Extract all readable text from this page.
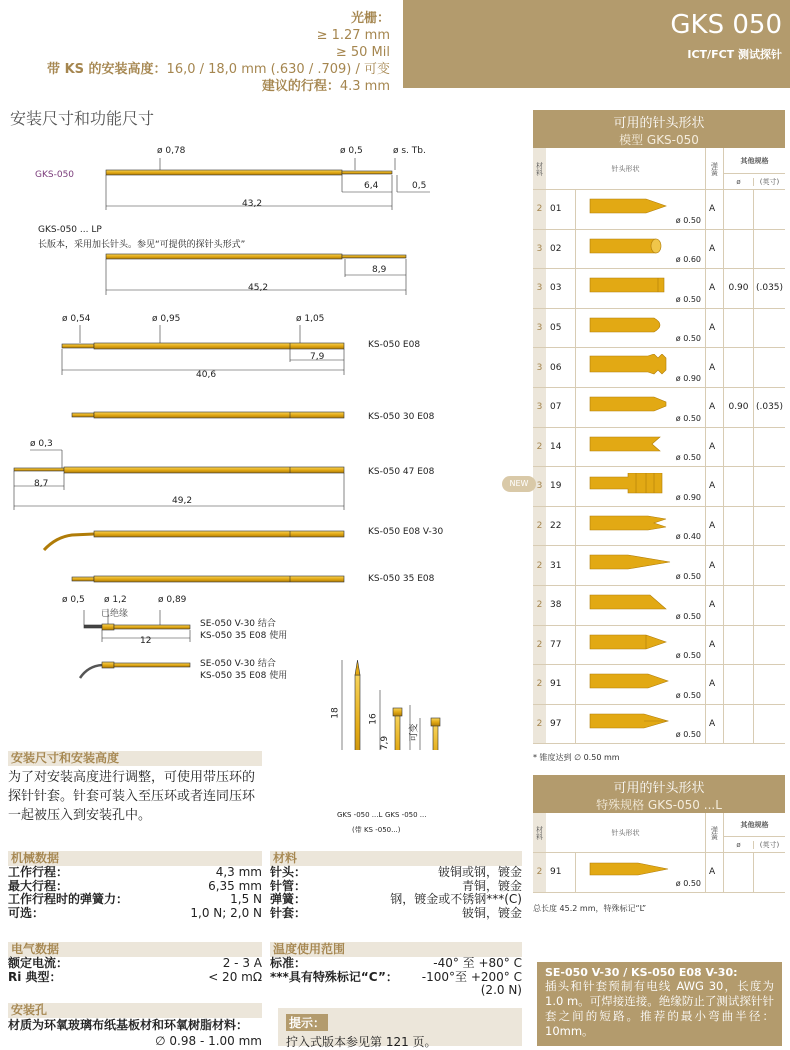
光栅：
≥ 1.27 mm
≥ 50 Mil
带 KS 的安装高度：16,0 / 18,0 mm (.630 / .709) / 可变
建议的行程：4.3 mm
GKS 050
ICT/FCT 测试探针
安装尺寸和功能尺寸
GKS-050
ø 0,78	ø 0,5	ø s. Tb.
6,4	0,5
43,2
GKS-050 ... LP
长版本，采用加长针头。参见“可提供的探针头形式”
8,9
45,2
ø 0,54	ø 0,95	ø 1,05
KS-050 E08
7,9
40,6
KS-050 30 E08
ø 0,3
KS-050 47 E08
8,7
49,2
KS-050 E08 V-30
KS-050 35 E08
ø 0,5 ø 1,2
已绝缘
ø 0,89
12
SE-050 V-30 结合
KS-050 35 E08 使用
SE-050 V-30 结合
KS-050 35 E08 使用
18
16
7,9
可变
GKS -050 ...L GKS -050 ...
(带 KS -050...)
可用的针头形状
模型 GKS-050
材料	针头形状	弹簧
其他规格
ø	(英寸)
2 01
ø 0.50
A
3 02
ø 0.60
A
3 03
ø 0.50
A	0.90 (.035)
3 05
ø 0.50
A
3 06
ø 0.90
A
3 07
ø 0.50
A	0.90 (.035)
2 14
ø 0.50
A
3 19
ø 0.90
A
2 22
ø 0.40
A
2 31
ø 0.50
A
2 38
ø 0.50
A
2 77
ø 0.50
A
2 91
ø 0.50
A
2 97
ø 0.50
A
* 锥度达到 ∅ 0.50 mm
NEW
可用的针头形状
特殊规格 GKS-050 ...L
材料	针头形状	弹簧
其他规格
ø	(英寸)
2 91
ø 0.50
A
总长度 45.2 mm，特殊标记“L”
安装尺寸和安装高度
为了对安装高度进行调整，可使用带压环的探针针套。针套可装入至压环或者连同压环一起被压入到安装孔中。
机械数据
工作行程：	4,3 mm
最大行程：	6,35 mm
工作行程时的弹簧力：	1,5 N
可选：	1,0 N; 2,0 N
材料
针头：	铍铜或钢，镀金
针管：	青铜，镀金
弹簧：	钢，镀金或不锈钢***(C)
针套：	铍铜，镀金
电气数据
额定电流：	2 - 3 A
Ri 典型：	< 20 mΩ
温度使用范围
标准：	-40° 至 +80° C
***具有特殊标记“C”： -100°至 +200° C
(2.0 N)
安装孔
材质为环氧玻璃布纸基板材和环氧树脂材料：
∅ 0.98 - 1.00 mm
提示：
拧入式版本参见第 121 页。
SE-050 V-30 / KS-050 E08 V-30:
插头和针套预制有电线 AWG 30，长度为 1.0 m。可焊接连接。绝缘防止了测试探针针套之间的短路。推荐的最小弯曲半径：10mm。
